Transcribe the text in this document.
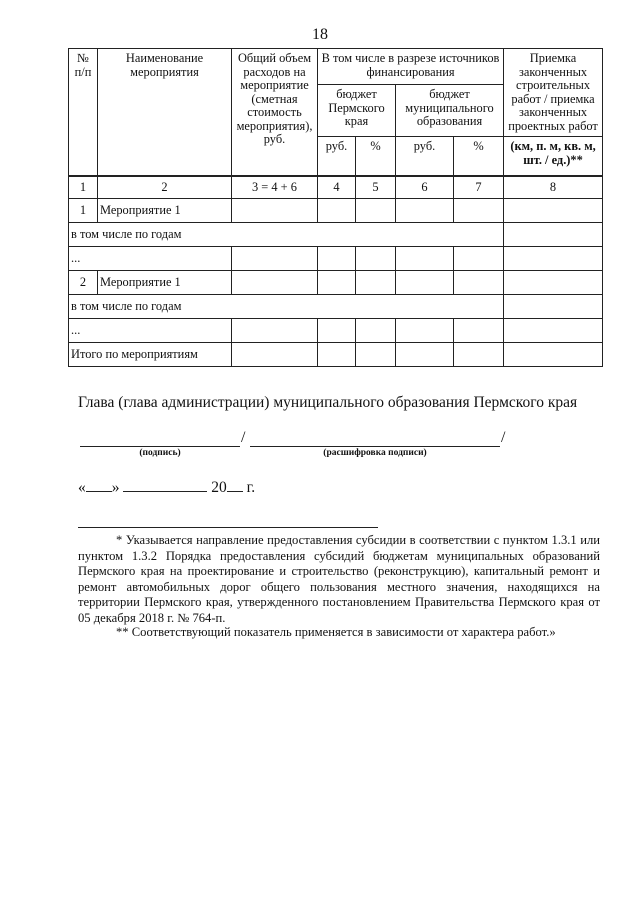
18
№ п/п	Наименование мероприятия	Общий объем расходов на мероприятие (сметная стоимость мероприятия), руб.	В том числе в разрезе источников финансирования				Приемка законченных строительных работ / приемка законченных проектных работ
			бюджет Пермского края		бюджет муниципального образования		
			руб.	%	руб.	%	(км, п. м, кв. м, шт. / ед.)**
1	2	3 = 4 + 6	4	5	6	7	8
1	Мероприятие 1						
в том числе по годам							
...							
2	Мероприятие 1						
в том числе по годам							
...							
Итого по мероприятиям							
Глава (глава администрации) муниципального образования Пермского края
/	/
(подпись)	(расшифровка подписи)
« »	20 г.
* Указывается направление предоставления субсидии в соответствии с пунктом 1.3.1 или пунктом 1.3.2 Порядка предоставления субсидий бюджетам муниципальных образований Пермского края на проектирование и строительство (реконструкцию), капитальный ремонт и ремонт автомобильных дорог общего пользования местного значения, находящихся на территории Пермского края, утвержденного постановлением Правительства Пермского края от 05 декабря 2018 г. № 764-п.
** Соответствующий показатель применяется в зависимости от характера работ.»
